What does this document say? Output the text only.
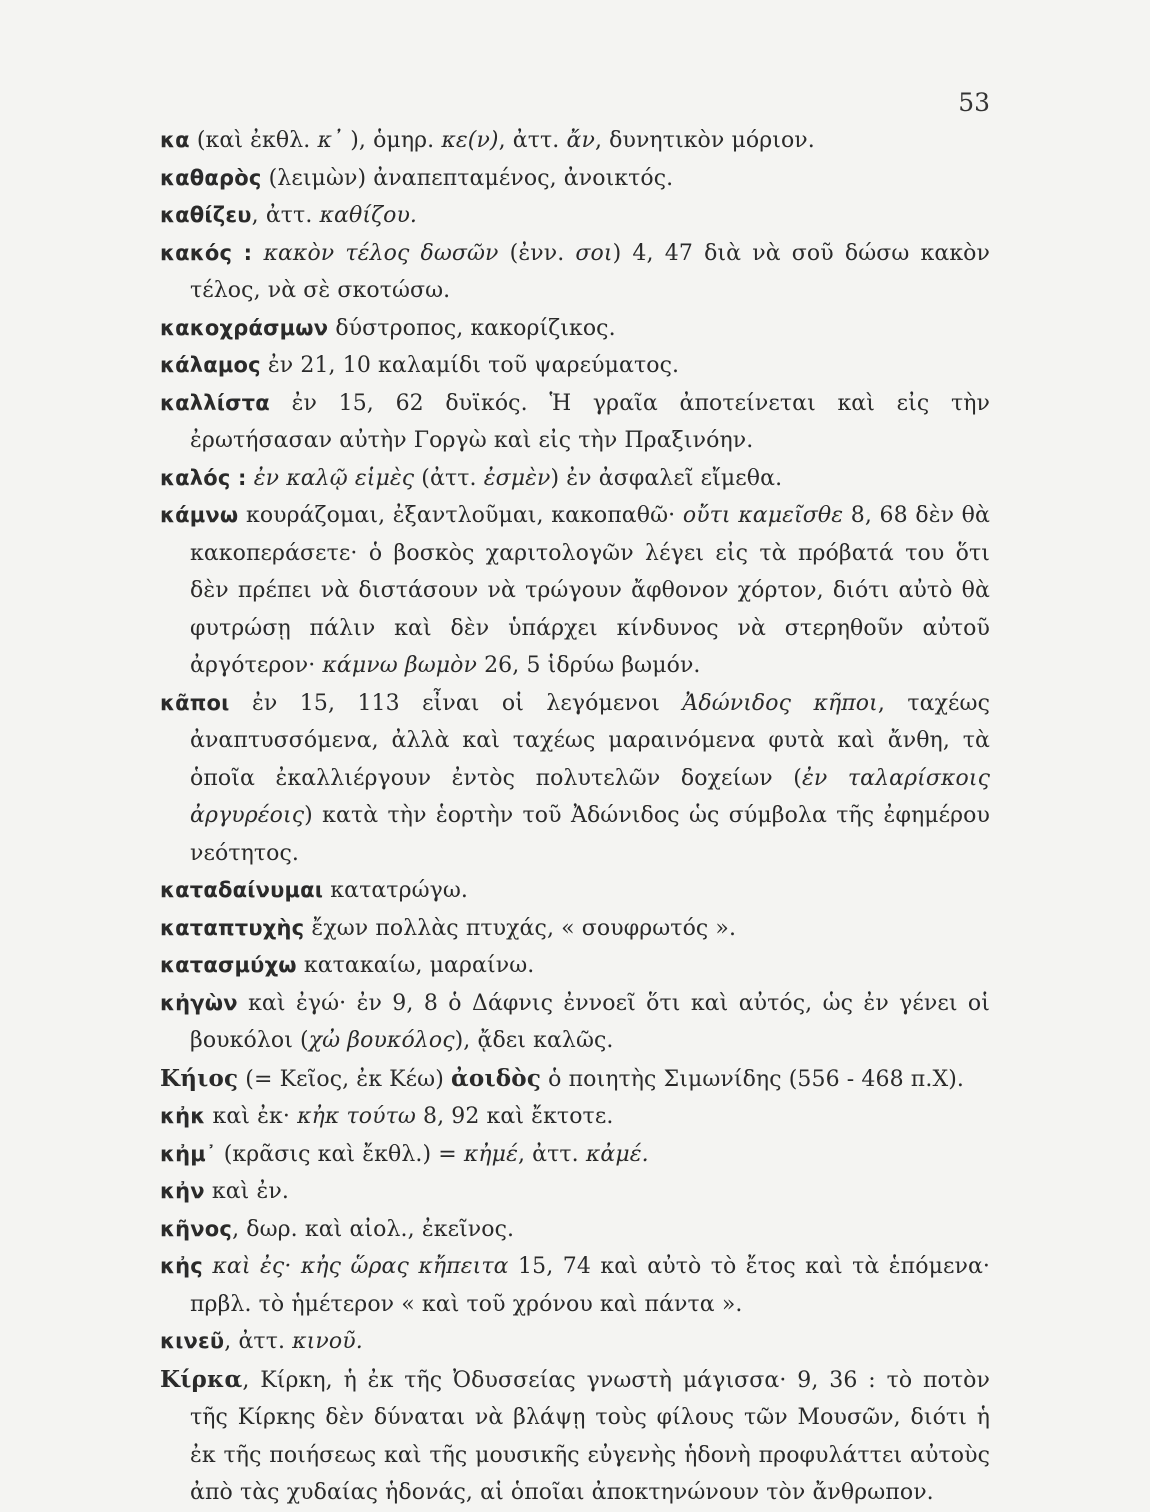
53
κα (καὶ ἐκθλ. κ᾽ ), ὁμηρ. κε(ν), ἀττ. ἄν, δυνητικὸν μόριον.
καθαρὸς (λειμὼν) ἀναπεπταμένος, ἀνοικτός.
καθίζευ, ἀττ. καθίζου.
κακός : κακὸν τέλος δωσῶν (ἐνν. σοι) 4, 47 διὰ νὰ σοῦ δώσω κακὸν τέλος, νὰ σὲ σκοτώσω.
κακοχράσμων δύστροπος, κακορίζικος.
κάλαμος ἐν 21, 10 καλαμίδι τοῦ ψαρεύματος.
καλλίστα ἐν 15, 62 δυϊκός. Ἡ γραῖα ἀποτείνεται καὶ εἰς τὴν ἐρωτήσασαν αὐτὴν Γοργὼ καὶ εἰς τὴν Πραξινόην.
καλός : ἐν καλῷ εἱμὲς (ἀττ. ἐσμὲν) ἐν ἀσφαλεῖ εἴμεθα.
κάμνω κουράζομαι, ἐξαντλοῦμαι, κακοπαθῶ· οὔτι καμεῖσθε 8, 68 δὲν θὰ κακοπεράσετε· ὁ βοσκὸς χαριτολογῶν λέγει εἰς τὰ πρόβατά του ὅτι δὲν πρέπει νὰ διστάσουν νὰ τρώγουν ἄφθονον χόρτον, διότι αὐτὸ θὰ φυτρώσῃ πάλιν καὶ δὲν ὑπάρχει κίνδυνος νὰ στερηθοῦν αὐτοῦ ἀργότερον· κάμνω βωμὸν 26, 5 ἱδρύω βωμόν.
κᾶποι ἐν 15, 113 εἶναι οἱ λεγόμενοι Ἀδώνιδος κῆποι, ταχέως ἀναπτυσσόμενα, ἀλλὰ καὶ ταχέως μαραινόμενα φυτὰ καὶ ἄνθη, τὰ ὁποῖα ἐκαλλιέργουν ἐντὸς πολυτελῶν δοχείων (ἐν ταλαρίσκοις ἀργυρέοις) κατὰ τὴν ἑορτὴν τοῦ Ἀδώνιδος ὡς σύμβολα τῆς ἐφημέρου νεότητος.
καταδαίνυμαι κατατρώγω.
καταπτυχὴς ἔχων πολλὰς πτυχάς, « σουφρωτός ».
κατασμύχω κατακαίω, μαραίνω.
κἠγὼν καὶ ἐγώ· ἐν 9, 8 ὁ Δάφνις ἐννοεῖ ὅτι καὶ αὐτός, ὡς ἐν γένει οἱ βουκόλοι (χὠ βουκόλος), ᾄδει καλῶς.
Κήιος (= Κεῖος, ἐκ Κέω) ἀοιδὸς ὁ ποιητὴς Σιμωνίδης (556 - 468 π.Χ).
κἠκ καὶ ἐκ· κἠκ τούτω 8, 92 καὶ ἔκτοτε.
κἠμ᾽ (κρᾶσις καὶ ἔκθλ.) = κἠμέ, ἀττ. κἀμέ.
κἠν καὶ ἐν.
κῆνος, δωρ. καὶ αἰολ., ἐκεῖνος.
κἠς καὶ ἐς· κἠς ὥρας κἤπειτα 15, 74 καὶ αὐτὸ τὸ ἔτος καὶ τὰ ἑπόμενα· πρβλ. τὸ ἡμέτερον « καὶ τοῦ χρόνου καὶ πάντα ».
κινεῦ, ἀττ. κινοῦ.
Κίρκα, Κίρκη, ἡ ἐκ τῆς Ὀδυσσείας γνωστὴ μάγισσα· 9, 36 : τὸ ποτὸν τῆς Κίρκης δὲν δύναται νὰ βλάψῃ τοὺς φίλους τῶν Μουσῶν, διότι ἡ ἐκ τῆς ποιήσεως καὶ τῆς μουσικῆς εὐγενὴς ἡδονὴ προφυλάττει αὐτοὺς ἀπὸ τὰς χυδαίας ἡδονάς, αἱ ὁποῖαι ἀποκτηνώνουν τὸν ἄνθρωπον.
